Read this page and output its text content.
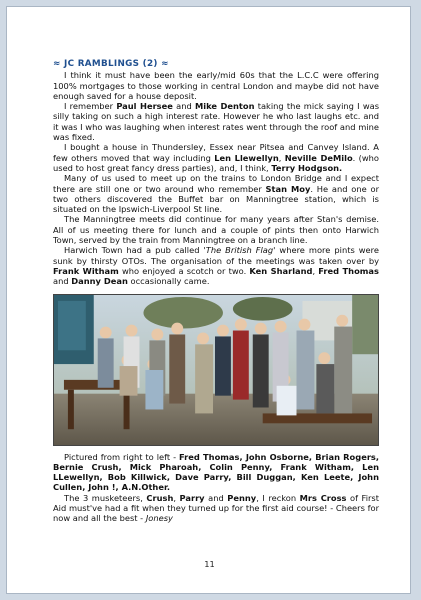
≈ JC RAMBLINGS (2) ≈

I think it must have been the early/mid 60s that the L.C.C were offering 100% mortgages to those working in central London and maybe did not have enough saved for a house deposit.

I remember Paul Hersee and Mike Denton taking the mick saying I was silly taking on such a high interest rate. However he who last laughs etc. and it was I who was laughing when interest rates went through the roof and mine was fixed.

I bought a house in Thundersley, Essex near Pitsea and Canvey Island. A few others moved that way including Len Llewellyn, Neville DeMilo. (who used to host great fancy dress parties), and, I think, Terry Hodgson.

Many of us used to meet up on the trains to London Bridge and I expect there are still one or two around who remember Stan Moy. He and one or two others discovered the Buffet bar on Manningtree station, which is situated on the Ipswich-Liverpool St line.

The Manningtree meets did continue for many years after Stan's demise. All of us meeting there for lunch and a couple of pints then onto Harwich Town, served by the train from Manningtree on a branch line.

Harwich Town had a pub called 'The British Flag' where more pints were sunk by thirsty OTOs. The organisation of the meetings was taken over by Frank Witham who enjoyed a scotch or two. Ken Sharland, Fred Thomas and Danny Dean occasionally came.

Pictured from right to left - Fred Thomas, John Osborne, Brian Rogers, Bernie Crush, Mick Pharoah, Colin Penny, Frank Witham, Len LLewellyn, Bob Killwick, Dave Parry, Bill Duggan, Ken Leete, John Cullen, John !, A.N.Other.

The 3 musketeers, Crush, Parry and Penny, I reckon Mrs Cross of First Aid must've had a fit when they turned up for the first aid course! - Cheers for now and all the best - Jonesy

11
